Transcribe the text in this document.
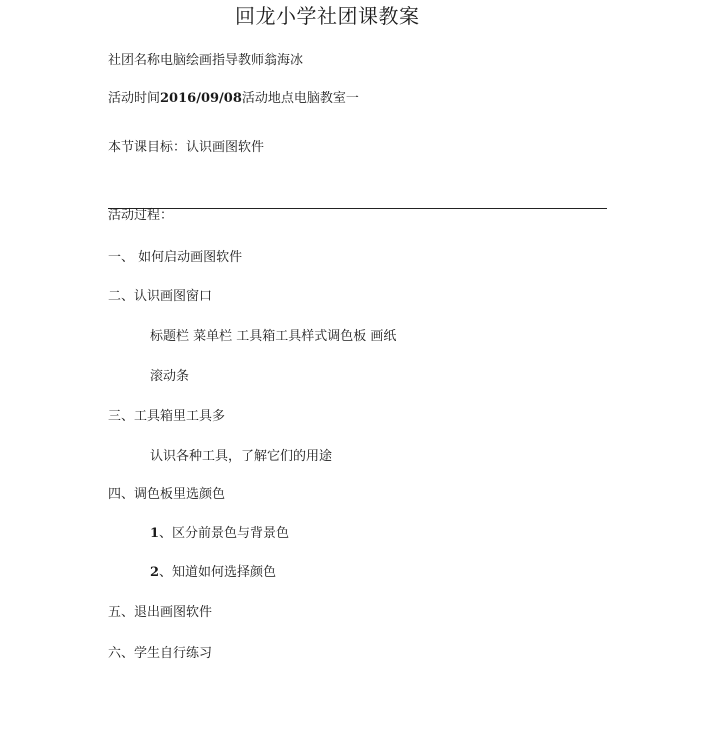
回龙小学社团课教案
社团名称电脑绘画指导教师翁海冰
活动时间2016/09/08活动地点电脑教室一
本节课目标：认识画图软件
活动过程：
一、 如何启动画图软件
二、认识画图窗口
标题栏 菜单栏 工具箱工具样式调色板 画纸
滚动条
三、工具箱里工具多
认识各种工具，了解它们的用途
四、调色板里选颜色
1、区分前景色与背景色
2、知道如何选择颜色
五、退出画图软件
六、学生自行练习
